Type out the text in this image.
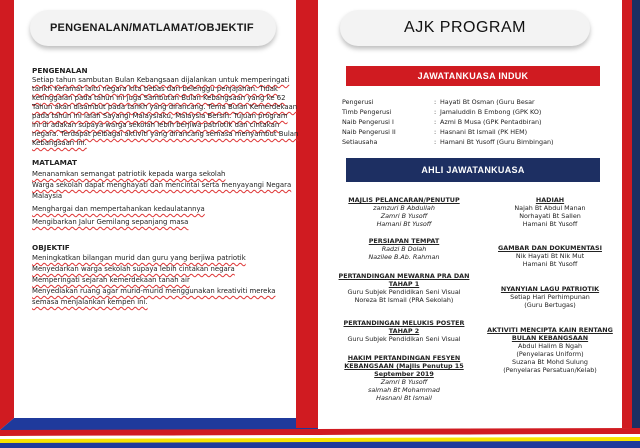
PENGENALAN/MATLAMAT/OBJEKTIF	AJK PROGRAM
PENGENALAN
Setiap tahun sambutan Bulan Kebangsaan dijalankan untuk memperingati
tarikh keramat iaitu negara kita bebas dari belenggu penjajahan. Tidak
ketinggalan pada tahun ini juga Sambutan Bulan Kebangsaan yang ke 62
Tahun akan disambut pada tarikh yang dirancang. Tema Bulan Kemerdekaan
pada tahun ini ialah Sayangi Malaysiaku, Malaysia Bersih. Tujuan program
ini di adakan supaya warga sekolah lebih berjiwa patriotik dan cintakan
negara. Terdapat pelbagai aktiviti yang dirancang semasa menyambut Bulan
Kebangsaan ini.
MATLAMAT
Menanamkan semangat patriotik kepada warga sekolah
Warga sekolah dapat menghayati dan mencintai serta menyayangi Negara
Malaysia
Menghargai dan mempertahankan kedaulatannya
Mengibarkan Jalur Gemilang sepanjang masa
OBJEKTIF
Meningkatkan bilangan murid dan guru yang berjiwa patriotik
Menyedarkan warga sekolah supaya lebih cintakan negara
Memperingati sejarah kemerdekaan tanah air
Menyediakan ruang agar murid-murid menggunakan kreativiti mereka
semasa menjalankan kempen ini.
JAWATANKUASA INDUK
Pengerusi	: Hayati Bt Osman (Guru Besar
Timb Pengerusi	: Jamaluddin B Embong (GPK KO)
Naib Pengerusi I	: Azmi B Musa (GPK Pentadbiran)
Naib Pengerusi II	: Hasnani Bt Ismail (PK HEM)
Setiausaha	: Hamani Bt Yusoff (Guru Bimbingan)
AHLI JAWATANKUASA
MAJLIS PELANCARAN/PENUTUP
zamzuri B Abdullah
Zamri B Yusoff
Hamani Bt Yusoff
PERSIAPAN TEMPAT
Radzi B Dolah
Nazilee B.Ab. Rahman
PERTANDINGAN MEWARNA PRA DAN
TAHAP 1
Guru Subjek Pendidikan Seni Visual
Noreza Bt Ismail (PRA Sekolah)
PERTANDINGAN MELUKIS POSTER
TAHAP 2
Guru Subjek Pendidikan Seni Visual
HAKIM PERTANDINGAN FESYEN
KEBANGSAAN (Majlis Penutup 15
September 2019
Zamri B Yusoff
salmah Bt Mohammad
Hasnani Bt Ismail
HADIAH
Najah Bt Abdul Manan
Norhayati Bt Sallen
Hamani Bt Yusoff
GAMBAR DAN DOKUMENTASI
Nik Hayati Bt Nik Mut
Hamani Bt Yusoff
NYANYIAN LAGU PATRIOTIK
Setiap Hari Perhimpunan
(Guru Bertugas)
AKTIVITI MENCIPTA KAIN RENTANG
BULAN KEBANGSAAN
Abdul Halim B Ngah
(Penyelaras Uniform)
Suzana Bt Mohd Sulung
(Penyelaras Persatuan/Kelab)
